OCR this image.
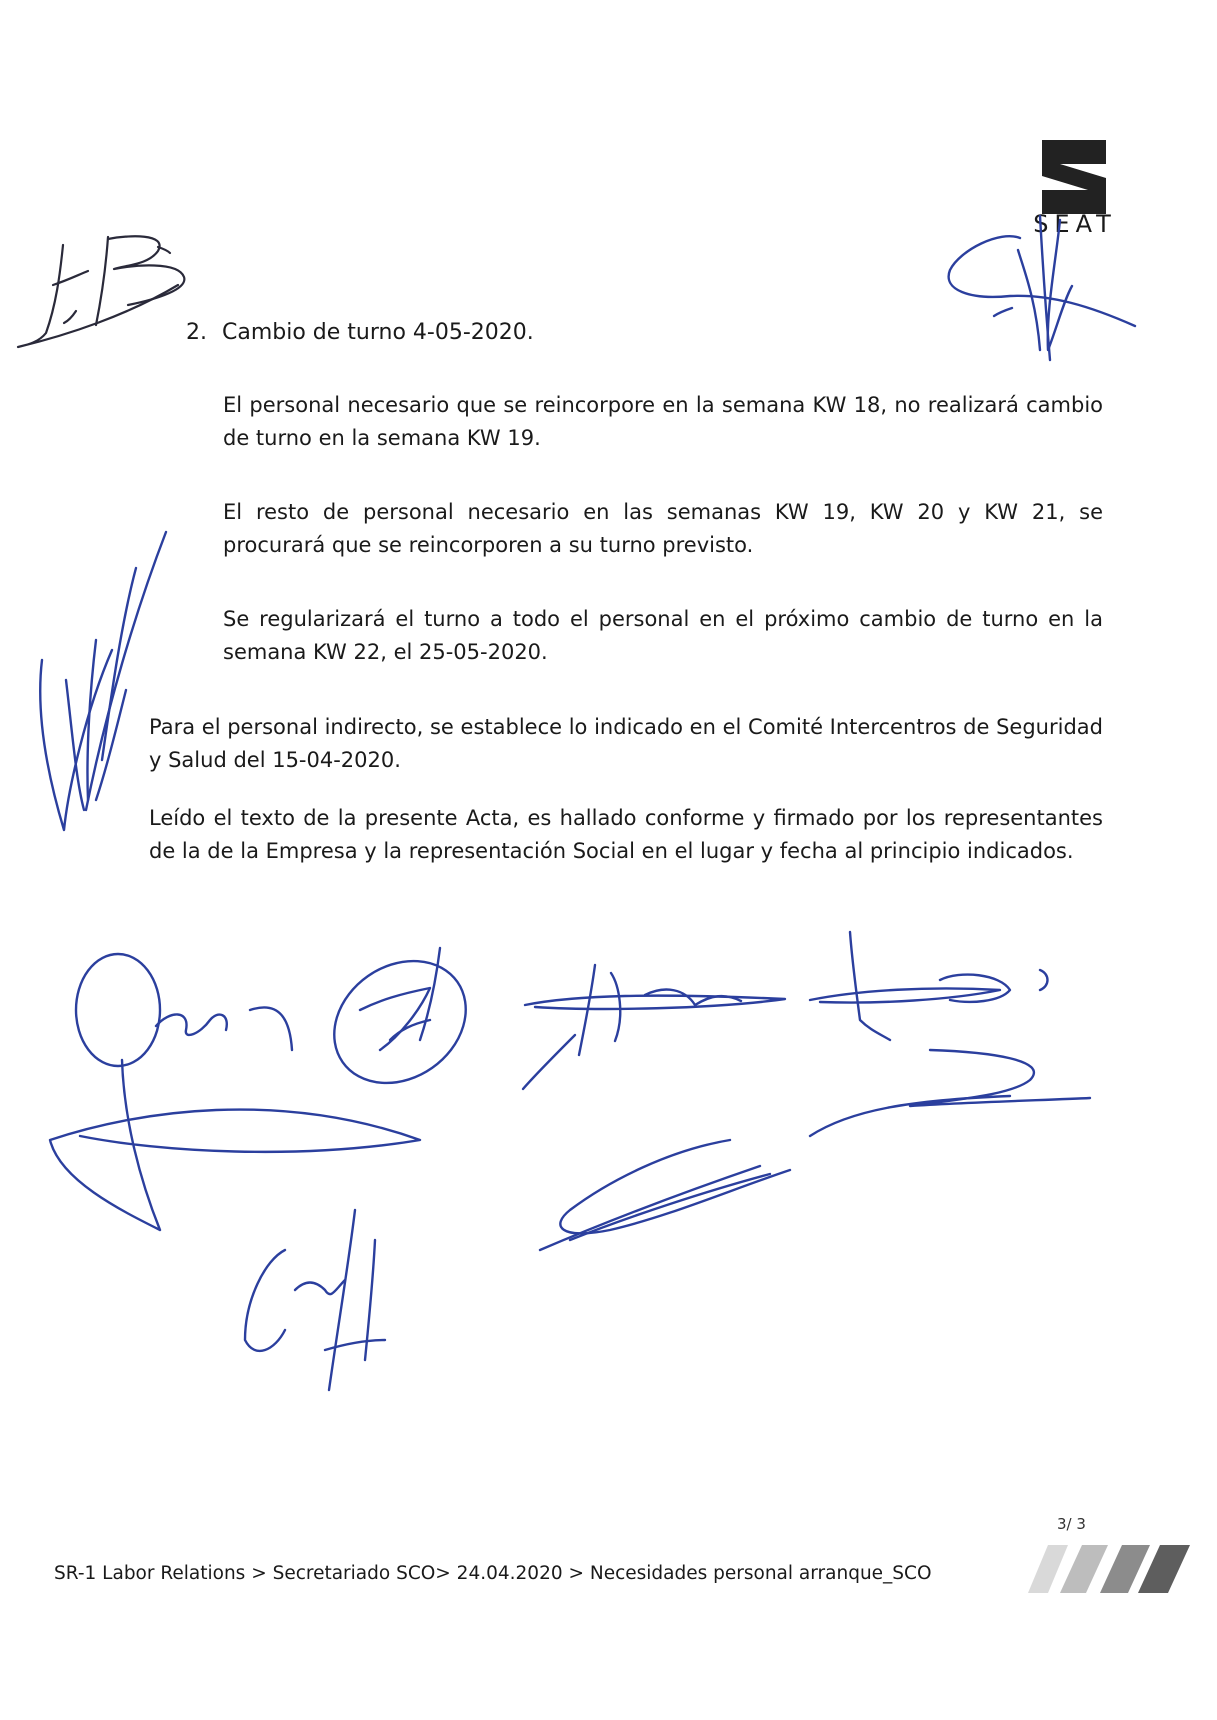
SEAT
2. Cambio de turno 4-05-2020.
El personal necesario que se reincorpore en la semana KW 18, no realizará cambio de turno en la semana KW 19.
El resto de personal necesario en las semanas KW 19, KW 20 y KW 21, se procurará que se reincorporen a su turno previsto.
Se regularizará el turno a todo el personal en el próximo cambio de turno en la semana KW 22, el 25-05-2020.
Para el personal indirecto, se establece lo indicado en el Comité Intercentros de Seguridad y Salud del 15-04-2020.
Leído el texto de la presente Acta, es hallado conforme y firmado por los representantes de la de la Empresa y la representación Social en el lugar y fecha al principio indicados.
3/ 3
SR-1 Labor Relations > Secretariado SCO> 24.04.2020 > Necesidades personal arranque_SCO
